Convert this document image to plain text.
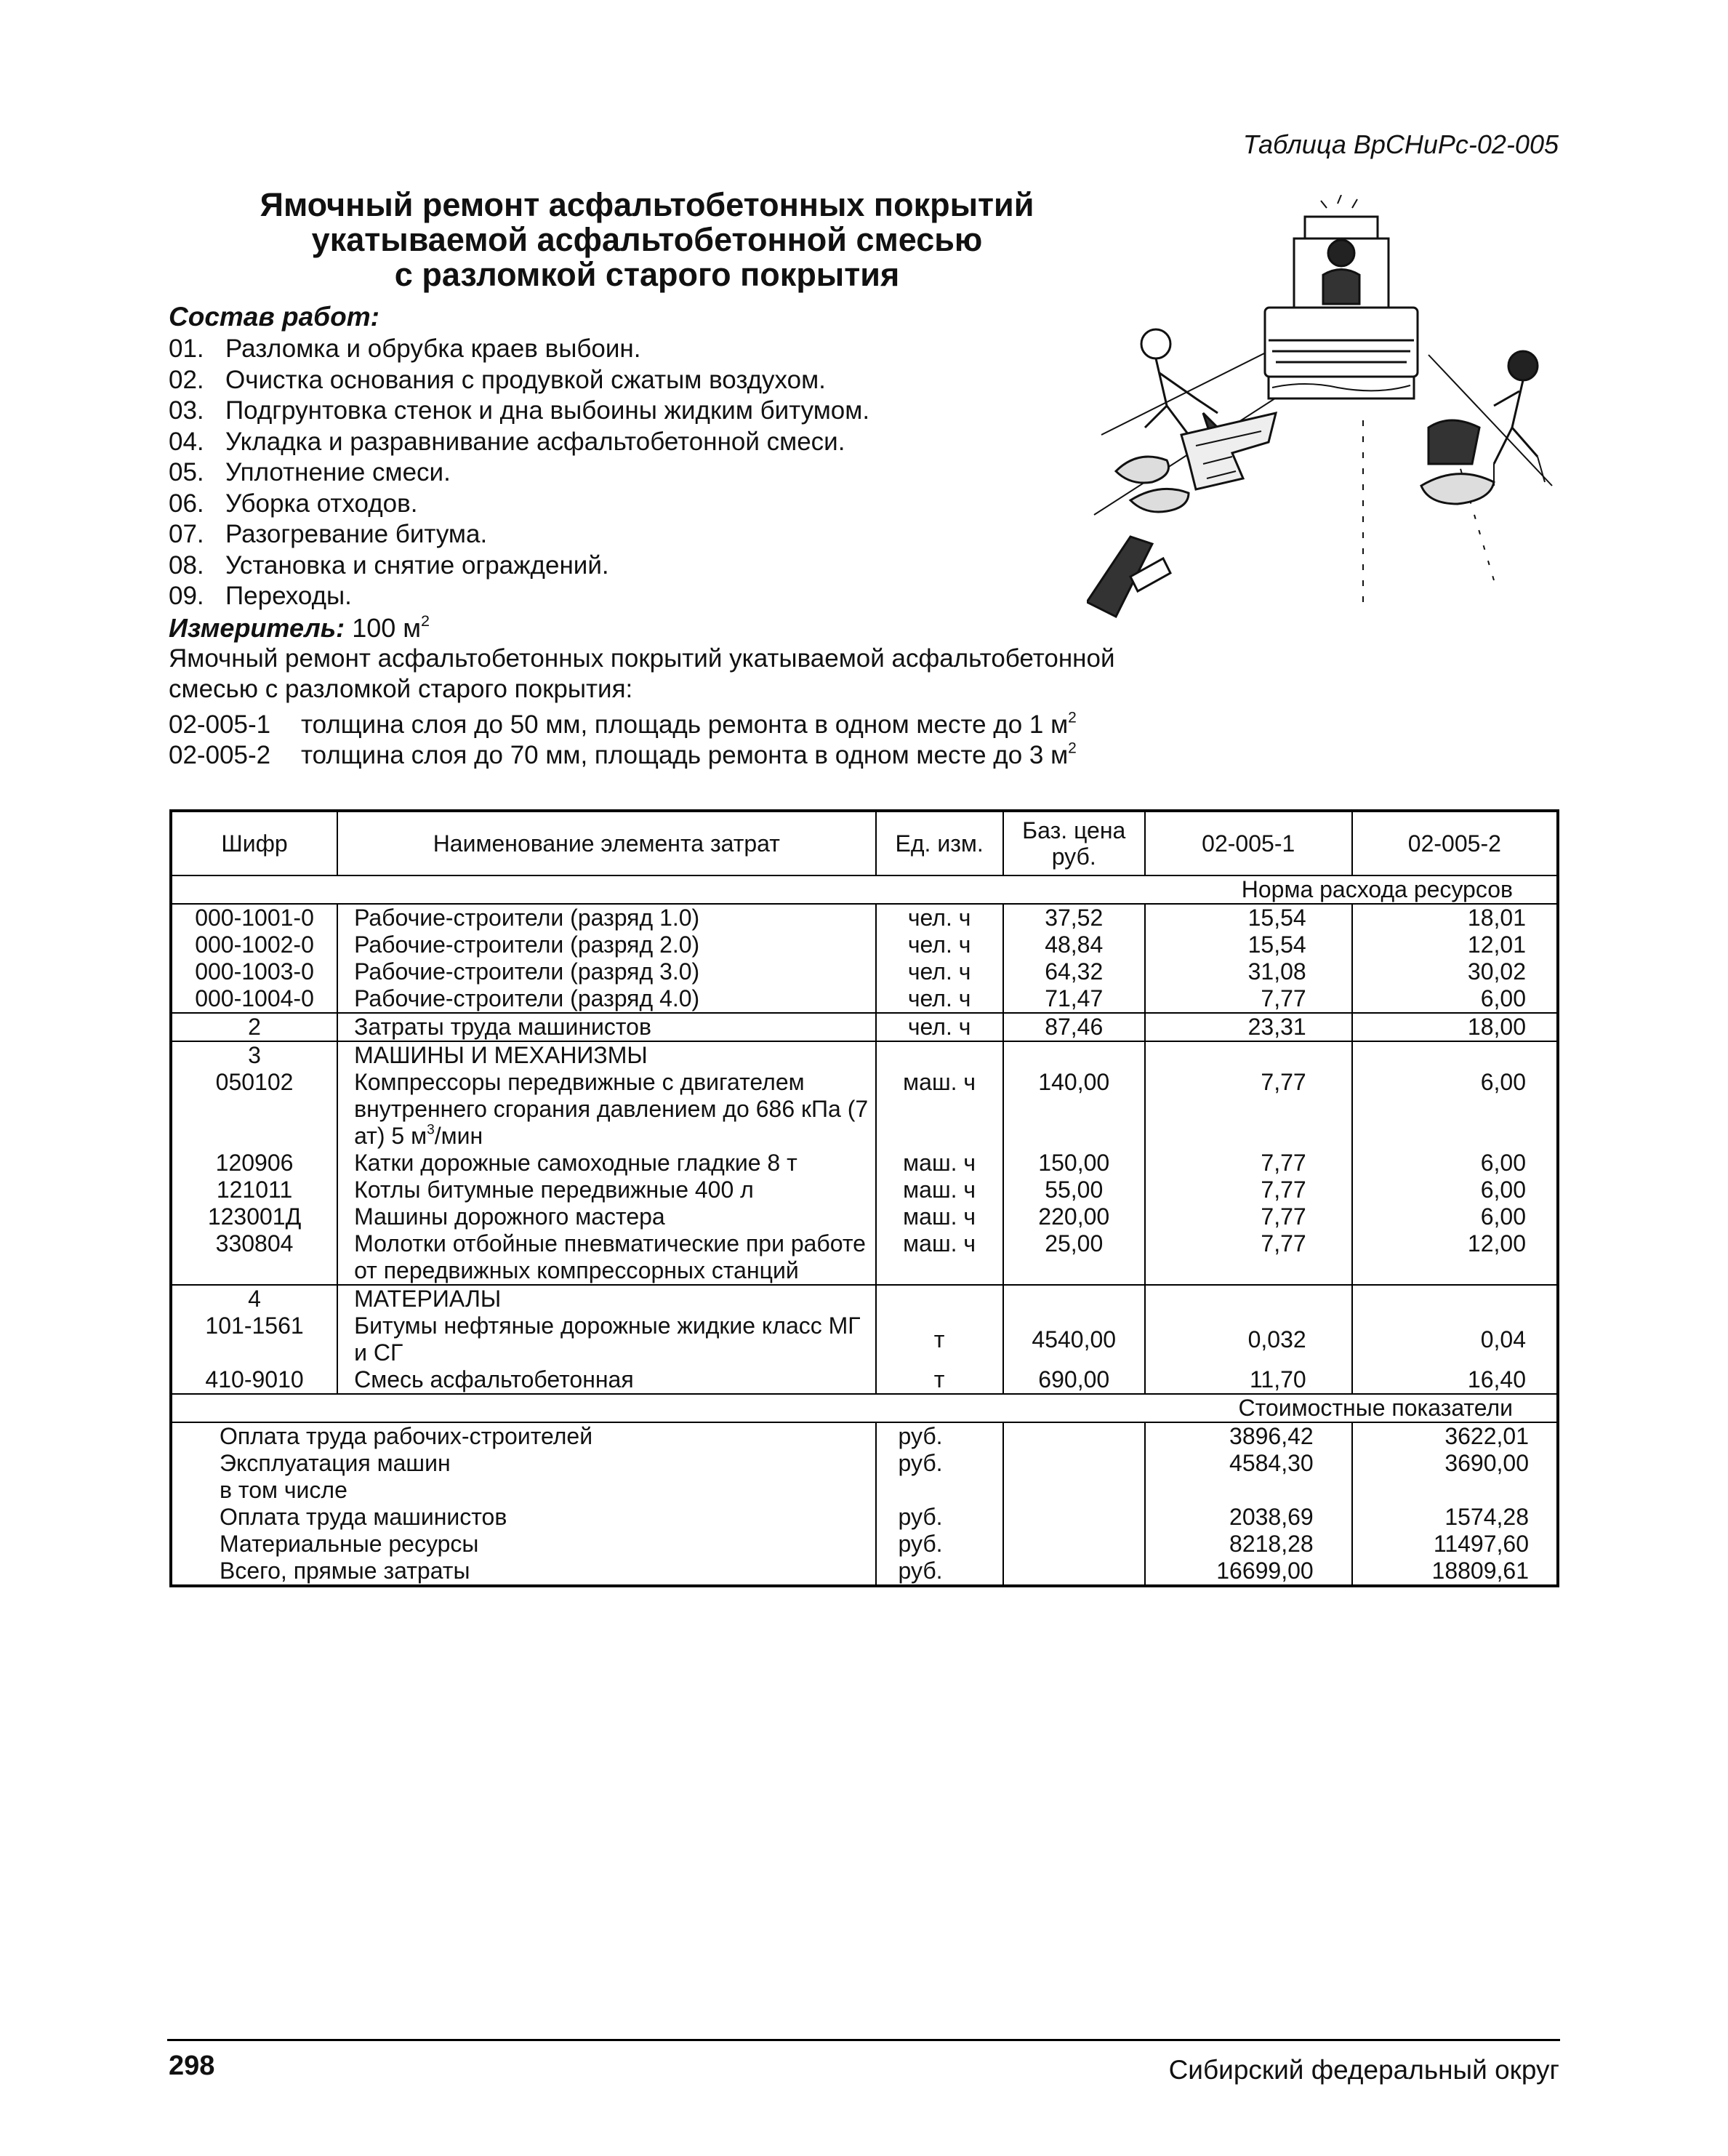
Таблица ВрСНиРс-02-005
Ямочный ремонт асфальтобетонных покрытий
укатываемой асфальтобетонной смесью
с разломкой старого покрытия
Состав работ:
01. Разломка и обрубка краев выбоин.
02. Очистка основания с продувкой сжатым воздухом.
03. Подгрунтовка стенок и дна выбоины жидким битумом.
04. Укладка и разравнивание асфальтобетонной смеси.
05. Уплотнение смеси.
06. Уборка отходов.
07. Разогревание битума.
08. Установка и снятие ограждений.
09. Переходы.
Измеритель: 100 $м^2$
Ямочный ремонт асфальтобетонных покрытий укатываемой асфальтобетонной смесью с разломкой старого покрытия:
02-005-1 толщина слоя до 50 мм, площадь ремонта в одном месте до 1 $м^2$
02-005-2 толщина слоя до 70 мм, площадь ремонта в одном месте до 3 $м^2$
Шифр	Наименование элемента затрат	Ед. изм.	Баз. цена руб.	02-005-1	02-005-2
Норма расхода ресурсов					
000-1001-0	Рабочие-строители (разряд 1.0)	чел. ч	37,52	15,54	18,01
000-1002-0	Рабочие-строители (разряд 2.0)	чел. ч	48,84	15,54	12,01
000-1003-0	Рабочие-строители (разряд 3.0)	чел. ч	64,32	31,08	30,02
000-1004-0	Рабочие-строители (разряд 4.0)	чел. ч	71,47	7,77	6,00
2	Затраты труда машинистов	чел. ч	87,46	23,31	18,00
3	МАШИНЫ И МЕХАНИЗМЫ				
050102	Компрессоры передвижные с двигателем внутреннего сгорания давлением до 686 кПа (7 ат) 5 $м^3$/мин	маш. ч	140,00	7,77	6,00
120906	Катки дорожные самоходные гладкие 8 т	маш. ч	150,00	7,77	6,00
121011	Котлы битумные передвижные 400 л	маш. ч	55,00	7,77	6,00
123001Д	Машины дорожного мастера	маш. ч	220,00	7,77	6,00
330804	Молотки отбойные пневматические при работе от передвижных компрессорных станций	маш. ч	25,00	7,77	12,00
4	МАТЕРИАЛЫ				
101-1561	Битумы нефтяные дорожные жидкие класс МГ и СГ	т	4540,00	0,032	0,04
410-9010	Смесь асфальтобетонная	т	690,00	11,70	16,40
Стоимостные показатели					
Оплата труда рабочих-строителей		руб.		3896,42	3622,01
Эксплуатация машин		руб.		4584,30	3690,00
в том числе					
Оплата труда машинистов		руб.		2038,69	1574,28
Материальные ресурсы		руб.		8218,28	11497,60
Всего, прямые затраты		руб.		16699,00	18809,61
298	Сибирский федеральный округ
